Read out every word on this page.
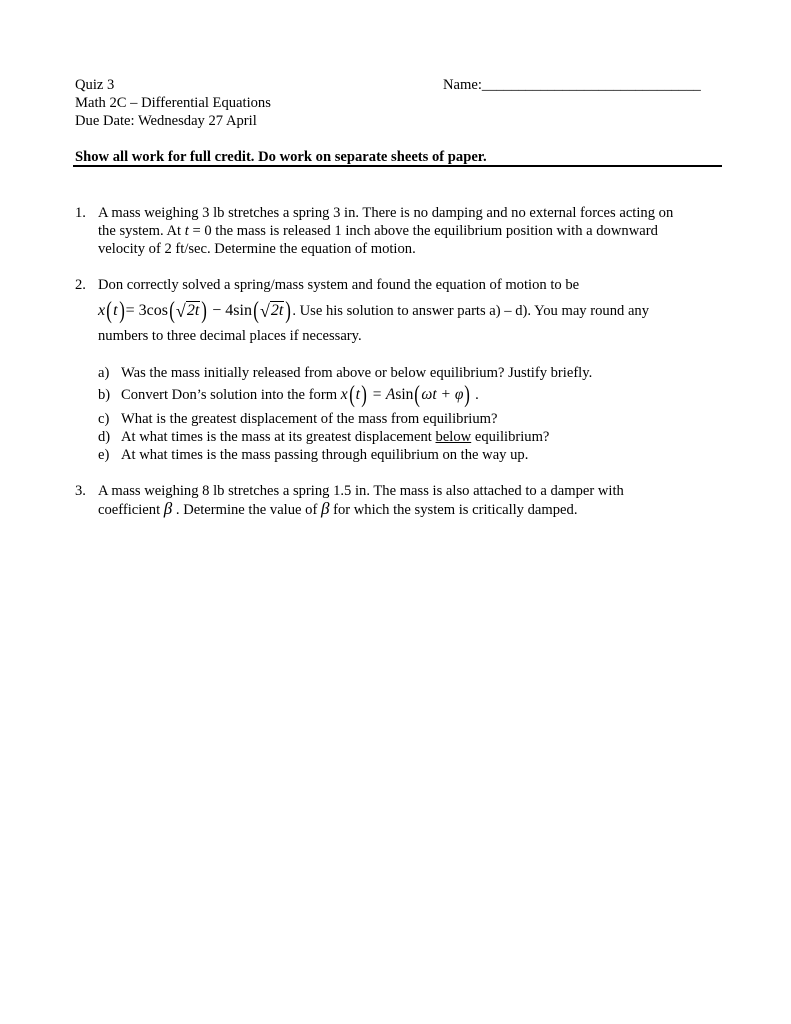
Quiz 3
Math 2C – Differential Equations
Due Date: Wednesday 27 April
Name:______________________________
Show all work for full credit. Do work on separate sheets of paper.
1. A mass weighing 3 lb stretches a spring 3 in. There is no damping and no external forces acting on
the system. At t = 0 the mass is released 1 inch above the equilibrium position with a downward
velocity of 2 ft/sec. Determine the equation of motion.
2. Don correctly solved a spring/mass system and found the equation of motion to be
x(t)= 3cos(√2t) − 4sin(√2t). Use his solution to answer parts a) – d). You may round any
numbers to three decimal places if necessary.
a) Was the mass initially released from above or below equilibrium? Justify briefly.
b) Convert Don’s solution into the form x(t) = Asin(ωt + φ) .
c) What is the greatest displacement of the mass from equilibrium?
d) At what times is the mass at its greatest displacement below equilibrium?
e) At what times is the mass passing through equilibrium on the way up.
3. A mass weighing 8 lb stretches a spring 1.5 in. The mass is also attached to a damper with
coefficient β . Determine the value of β for which the system is critically damped.
